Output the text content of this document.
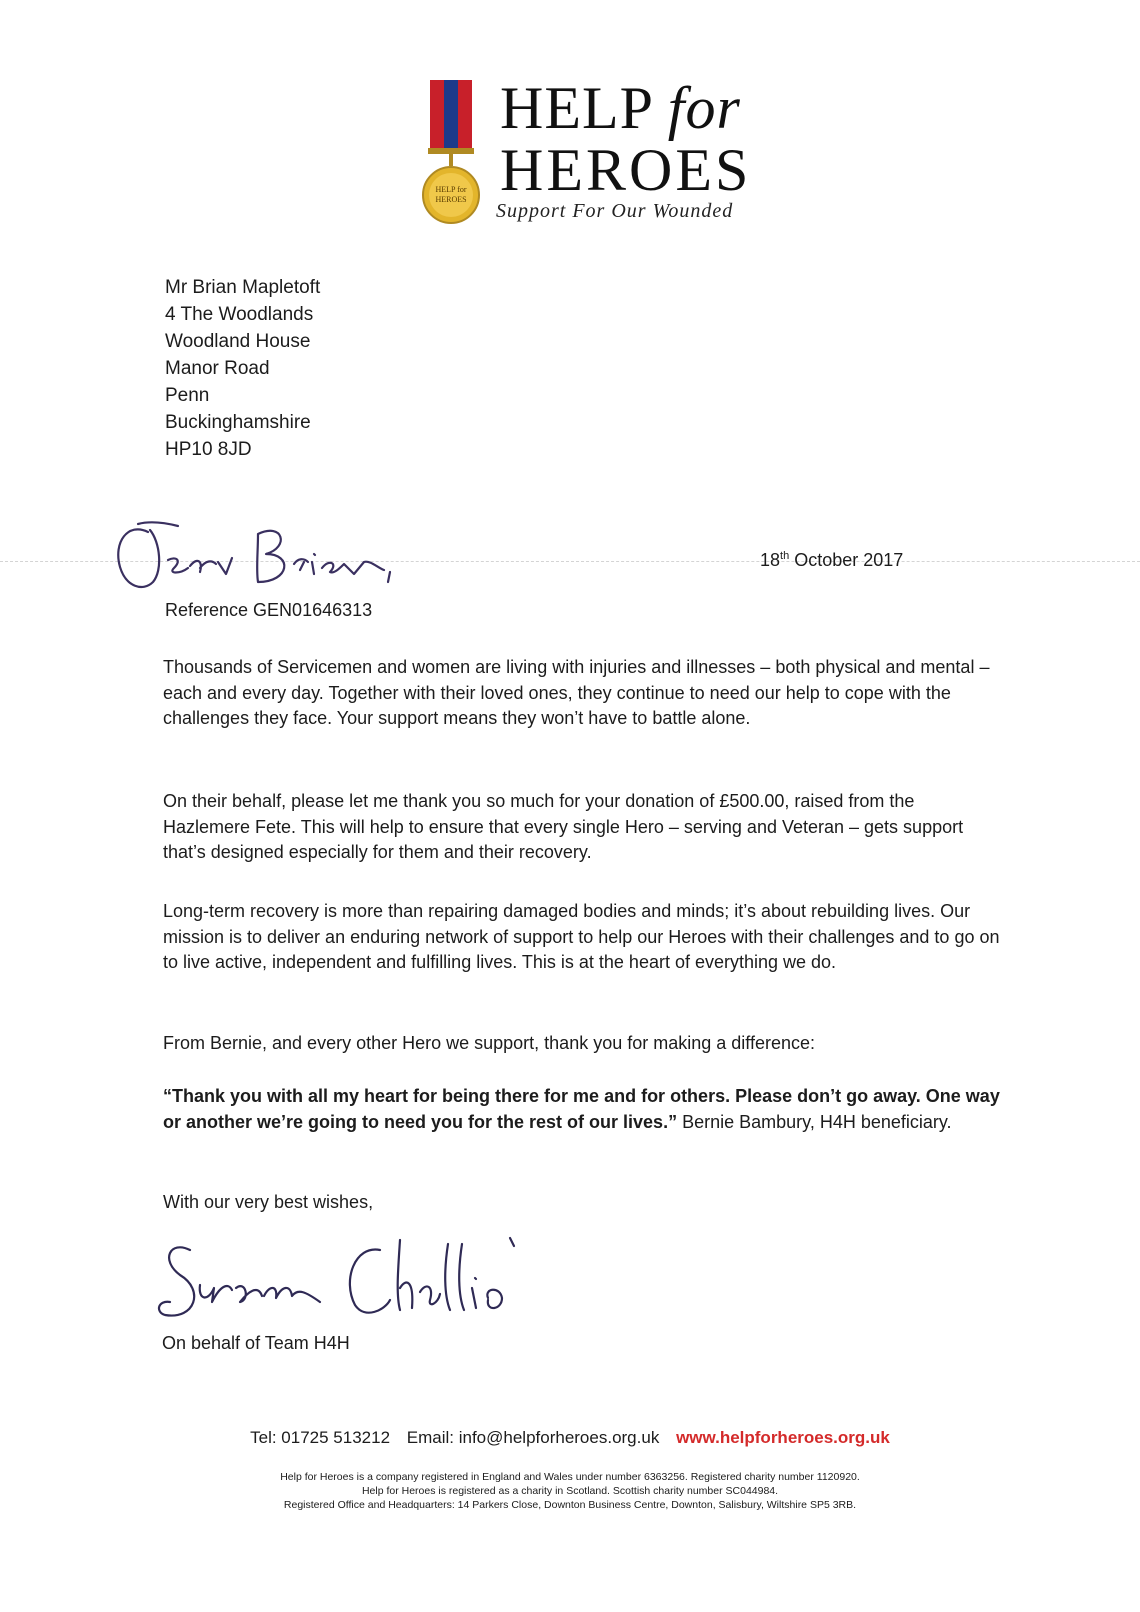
HELP for
HEROES
HELP for
HEROES
Support For Our Wounded
Mr Brian Mapletoft
4 The Woodlands
Woodland House
Manor Road
Penn
Buckinghamshire
HP10 8JD
18th October 2017
Reference GEN01646313
Thousands of Servicemen and women are living with injuries and illnesses – both physical and mental – each and every day. Together with their loved ones, they continue to need our help to cope with the challenges they face. Your support means they won’t have to battle alone.
On their behalf, please let me thank you so much for your donation of £500.00, raised from the Hazlemere Fete. This will help to ensure that every single Hero – serving and Veteran – gets support that’s designed especially for them and their recovery.
Long-term recovery is more than repairing damaged bodies and minds; it’s about rebuilding lives. Our mission is to deliver an enduring network of support to help our Heroes with their challenges and to go on to live active, independent and fulfilling lives. This is at the heart of everything we do.
From Bernie, and every other Hero we support, thank you for making a difference:
“Thank you with all my heart for being there for me and for others. Please don’t go away. One way or another we’re going to need you for the rest of our lives.” Bernie Bambury, H4H beneficiary.
With our very best wishes,
On behalf of Team H4H
Tel: 01725 513212 Email: info@helpforheroes.org.uk www.helpforheroes.org.uk
Help for Heroes is a company registered in England and Wales under number 6363256. Registered charity number 1120920.
Help for Heroes is registered as a charity in Scotland. Scottish charity number SC044984.
Registered Office and Headquarters: 14 Parkers Close, Downton Business Centre, Downton, Salisbury, Wiltshire SP5 3RB.
